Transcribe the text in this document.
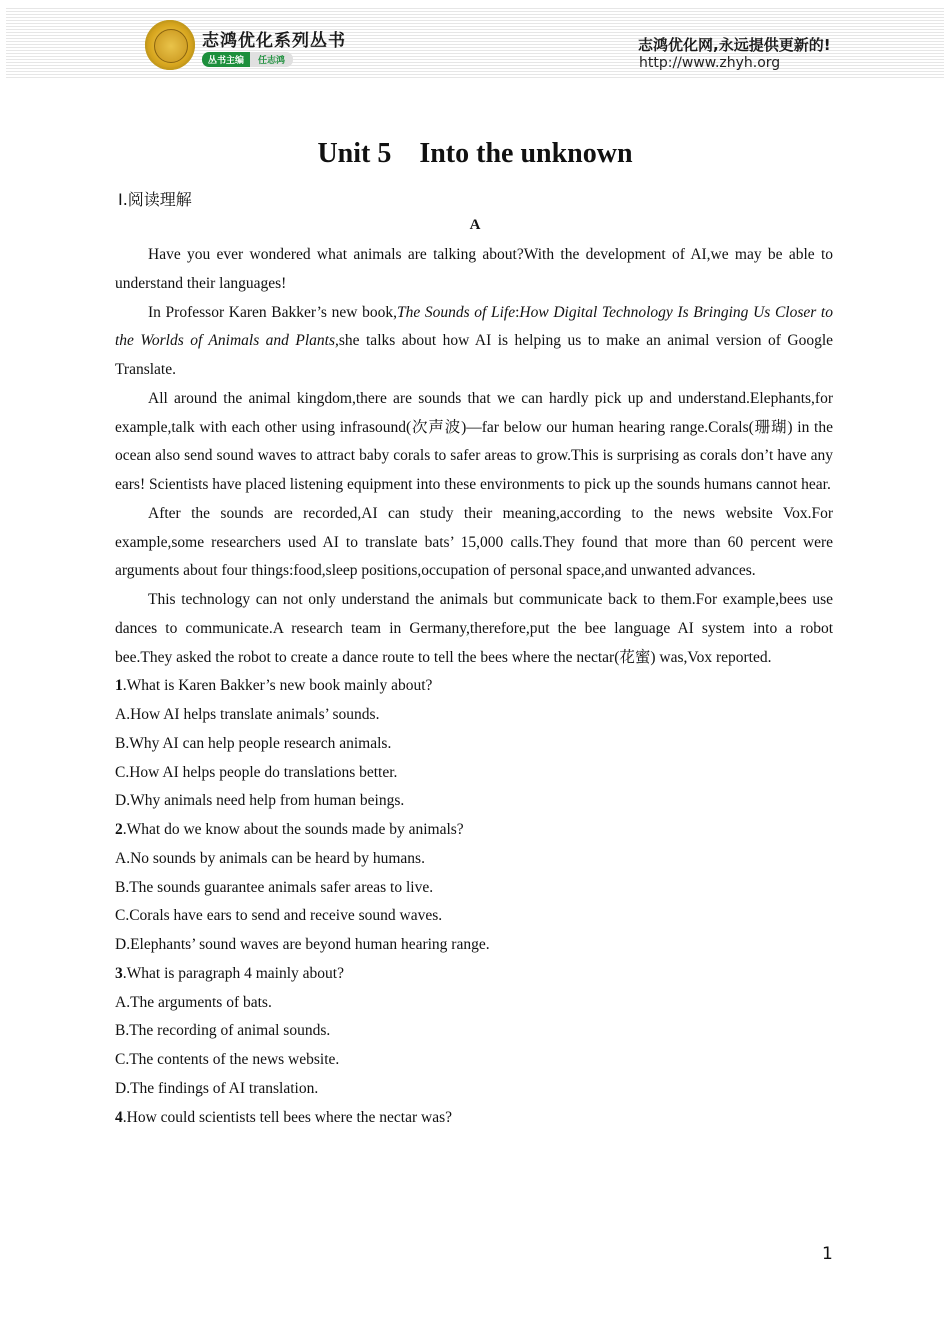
志鸿优化系列丛书
丛书主编	任志鸿
志鸿优化网,永远提供更新的!
http://www.zhyh.org
Unit 5    Into the unknown
Ⅰ.阅读理解
A

Have you ever wondered what animals are talking about?With the development of AI,we may be able to understand their languages!

In Professor Karen Bakker’s new book,The Sounds of Life:How Digital Technology Is Bringing Us Closer to the Worlds of Animals and Plants,she talks about how AI is helping us to make an animal version of Google Translate.

All around the animal kingdom,there are sounds that we can hardly pick up and understand.Elephants,for example,talk with each other using infrasound(次声波)—far below our human hearing range.Corals(珊瑚) in the ocean also send sound waves to attract baby corals to safer areas to grow.This is surprising as corals don’t have any ears! Scientists have placed listening equipment into these environments to pick up the sounds humans cannot hear.

After the sounds are recorded,AI can study their meaning,according to the news website Vox.For example,some researchers used AI to translate bats’ 15,000 calls.They found that more than 60 percent were arguments about four things:food,sleep positions,occupation of personal space,and unwanted advances.

This technology can not only understand the animals but communicate back to them.For example,bees use dances to communicate.A research team in Germany,therefore,put the bee language AI system into a robot bee.They asked the robot to create a dance route to tell the bees where the nectar(花蜜) was,Vox reported.

1.What is Karen Bakker’s new book mainly about?

A.How AI helps translate animals’ sounds.

B.Why AI can help people research animals.

C.How AI helps people do translations better.

D.Why animals need help from human beings.

2.What do we know about the sounds made by animals?

A.No sounds by animals can be heard by humans.

B.The sounds guarantee animals safer areas to live.

C.Corals have ears to send and receive sound waves.

D.Elephants’ sound waves are beyond human hearing range.

3.What is paragraph 4 mainly about?

A.The arguments of bats.

B.The recording of animal sounds.

C.The contents of the news website.

D.The findings of AI translation.

4.How could scientists tell bees where the nectar was?

1
